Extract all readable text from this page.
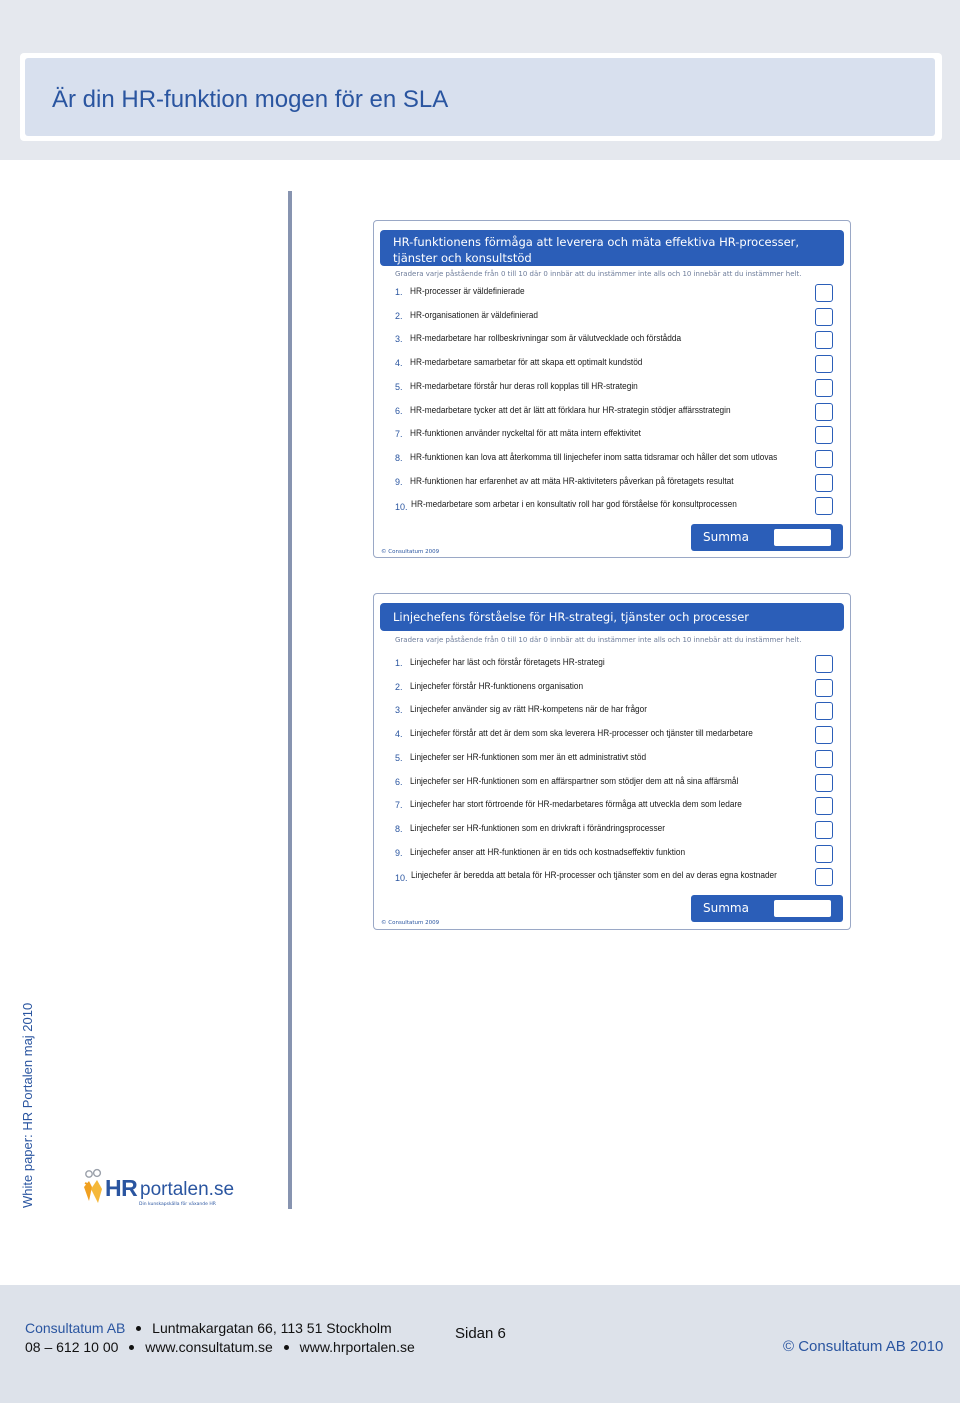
Är din HR-funktion mogen för en SLA
HR-funktionens förmåga att leverera och mäta effektiva HR-processer, tjänster och konsultstöd
Gradera varje påstående från 0 till 10 där 0 innbär att du instämmer inte alls och 10 innebär att du instämmer helt.
1. HR-processer är väldefinierade
2. HR-organisationen är väldefinierad
3. HR-medarbetare har rollbeskrivningar som är välutvecklade och förstådda
4. HR-medarbetare samarbetar för att skapa ett optimalt kundstöd
5. HR-medarbetare förstår hur deras roll kopplas till HR-strategin
6. HR-medarbetare tycker att det är lätt att förklara hur HR-strategin stödjer affärsstrategin
7. HR-funktionen använder nyckeltal för att mäta intern effektivitet
8. HR-funktionen kan lova att återkomma till linjechefer inom satta tidsramar och håller det som utlovas
9. HR-funktionen har erfarenhet av att mäta HR-aktiviteters påverkan på företagets resultat
10. HR-medarbetare som arbetar i en konsultativ roll har god förståelse för konsultprocessen
Summa
© Consultatum 2009
Linjechefens förståelse för HR-strategi, tjänster och processer
Gradera varje påstående från 0 till 10 där 0 innbär att du instämmer inte alls och 10 innebär att du instämmer helt.
1. Linjechefer har läst och förstår företagets HR-strategi
2. Linjechefer förstår HR-funktionens organisation
3. Linjechefer använder sig av rätt HR-kompetens när de har frågor
4. Linjechefer förstår att det är dem som ska leverera HR-processer och tjänster till medarbetare
5. Linjechefer ser HR-funktionen som mer än ett administrativt stöd
6. Linjechefer ser HR-funktionen som en affärspartner som stödjer dem att nå sina affärsmål
7. Linjechefer har stort förtroende för HR-medarbetares förmåga att utveckla dem som ledare
8. Linjechefer ser HR-funktionen som en drivkraft i förändringsprocesser
9. Linjechefer anser att HR-funktionen är en tids och kostnadseffektiv funktion
10. Linjechefer är beredda att betala för HR-processer och tjänster som en del av deras egna kostnader
Summa
© Consultatum 2009
White paper: HR Portalen maj 2010	HR portalen.se
Din kunskapskälla för växande HR
Consultatum AB Luntmakargatan 66, 113 51 Stockholm
08 – 612 10 00 www.consultatum.se www.hrportalen.se
Sidan 6
© Consultatum AB 2010
